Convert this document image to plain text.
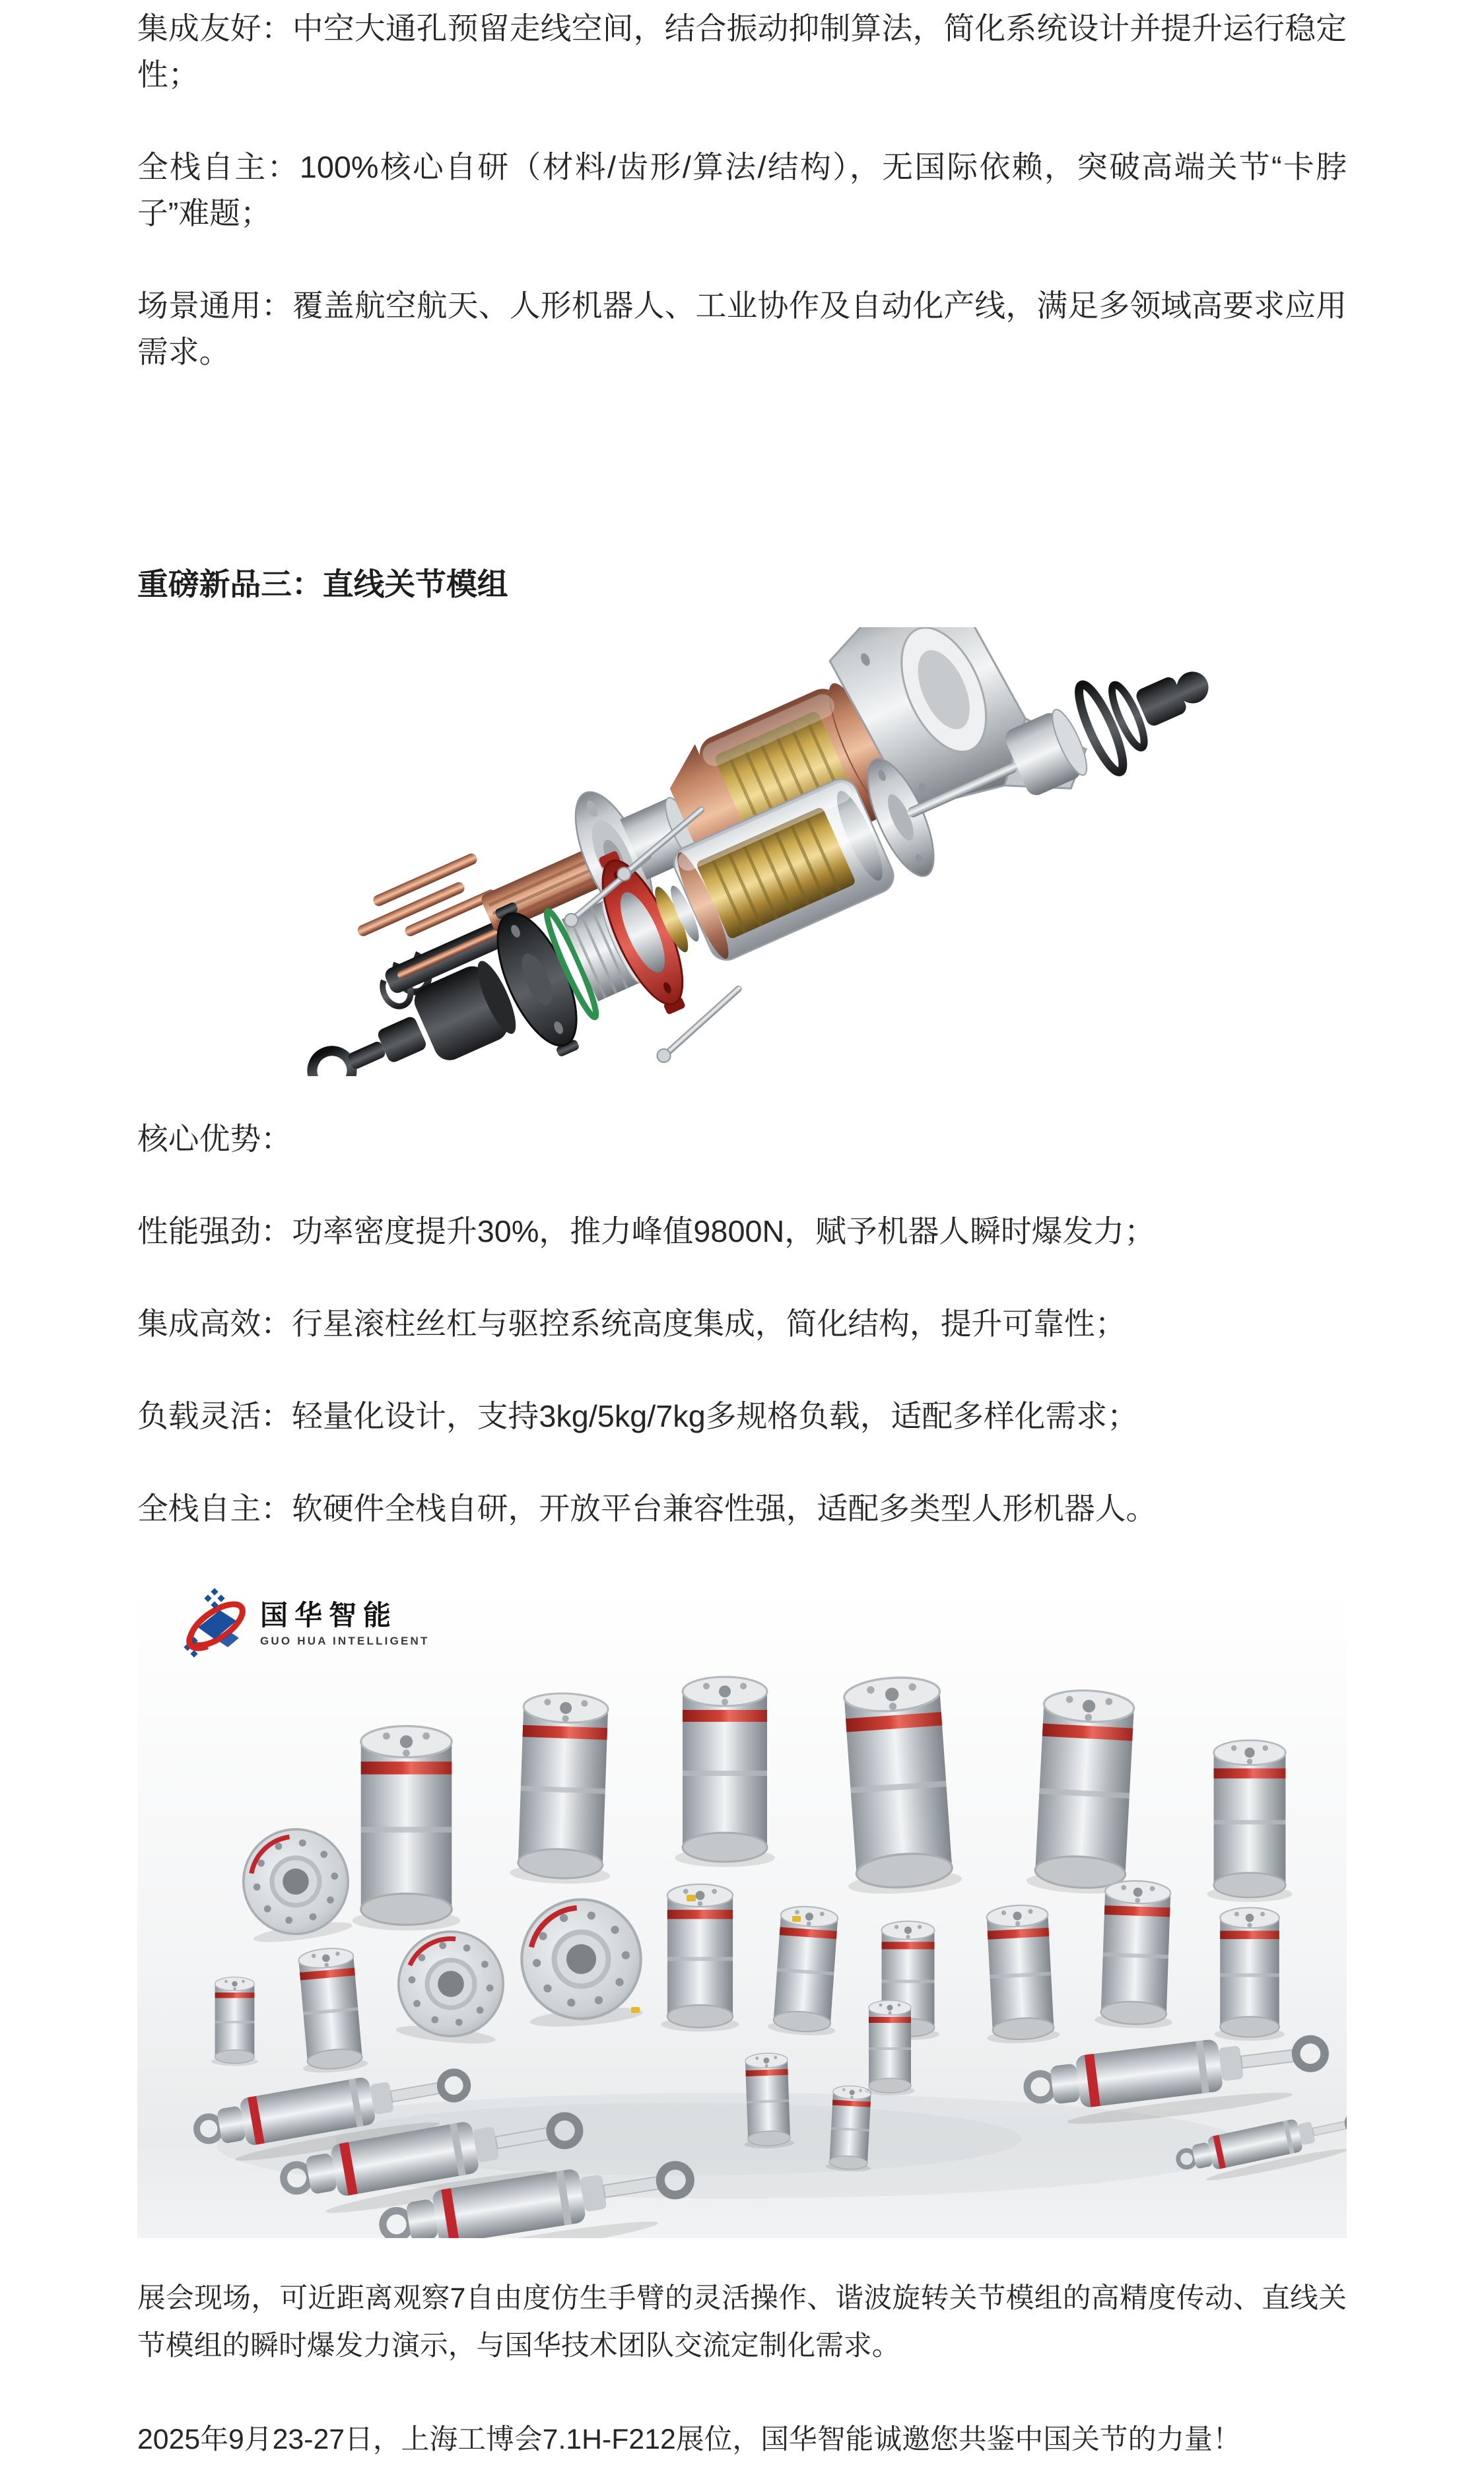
集成友好：中空大通孔预留走线空间，结合振动抑制算法，简化系统设计并提升运行稳定性；

全栈自主：100%核心自研（材料/齿形/算法/结构），无国际依赖，突破高端关节“卡脖子”难题；

场景通用：覆盖航空航天、人形机器人、工业协作及自动化产线，满足多领域高要求应用需求。

重磅新品三：直线关节模组

核心优势：

性能强劲：功率密度提升30%，推力峰值9800N，赋予机器人瞬时爆发力；

集成高效：行星滚柱丝杠与驱控系统高度集成，简化结构，提升可靠性；

负载灵活：轻量化设计，支持3kg/5kg/7kg多规格负载，适配多样化需求；

全栈自主：软硬件全栈自研，开放平台兼容性强，适配多类型人形机器人。

国华智能
GUO HUA INTELLIGENT

展会现场，可近距离观察7自由度仿生手臂的灵活操作、谐波旋转关节模组的高精度传动、直线关节模组的瞬时爆发力演示，与国华技术团队交流定制化需求。

2025年9月23-27日，上海工博会7.1H-F212展位，国华智能诚邀您共鉴中国关节的力量！
